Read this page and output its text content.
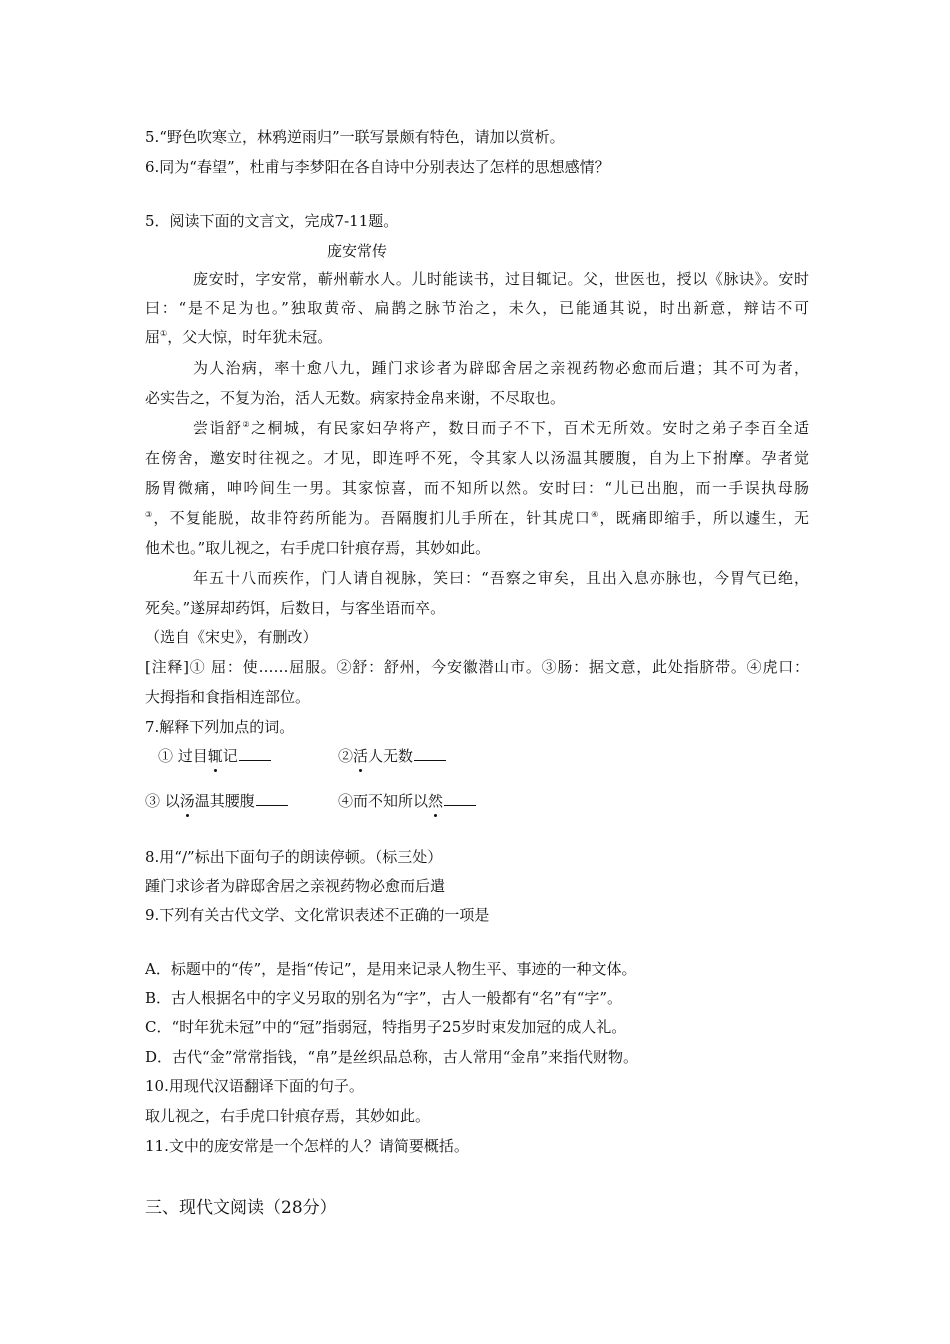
5.“野色吹寒立，林鸦逆雨归”一联写景颇有特色，请加以赏析。
6.同为“春望”，杜甫与李梦阳在各自诗中分别表达了怎样的思想感情？
5．阅读下面的文言文，完成7-11题。
庞安常传
庞安时，字安常，蕲州蕲水人。儿时能读书，过目辄记。父，世医也，授以《脉诀》。安时
曰：“是不足为也。”独取黄帝、扁鹊之脉节治之，未久，已能通其说，时出新意，辩诘不可
屈①，父大惊，时年犹未冠。
为人治病，率十愈八九，踵门求诊者为辟邸舍居之亲视药物必愈而后遣；其不可为者，
必实告之，不复为治，活人无数。病家持金帛来谢，不尽取也。
尝诣舒②之桐城，有民家妇孕将产，数日而子不下，百术无所效。安时之弟子李百全适
在傍舍，邀安时往视之。才见，即连呼不死，令其家人以汤温其腰腹，自为上下拊摩。孕者觉
肠胃微痛，呻吟间生一男。其家惊喜，而不知所以然。安时曰：“儿已出胞，而一手误执母肠
③，不复能脱，故非符药所能为。吾隔腹扪儿手所在，针其虎口④，既痛即缩手，所以遽生，无
他术也。”取儿视之，右手虎口针痕存焉，其妙如此。
年五十八而疾作，门人请自视脉，笑曰：“吾察之审矣，且出入息亦脉也，今胃气已绝，
死矣。”遂屏却药饵，后数日，与客坐语而卒。
（选自《宋史》，有删改）
[注释]① 屈：使……屈服。②舒：舒州，今安徽潜山市。③肠：据文意，此处指脐带。④虎口：
大拇指和食指相连部位。
7.解释下列加点的词。
① 过目辄记	②活人无数
③ 以汤温其腰腹	④而不知所以然
8.用“/”标出下面句子的朗读停顿。（标三处）
踵门求诊者为辟邸舍居之亲视药物必愈而后遣
9.下列有关古代文学、文化常识表述不正确的一项是
A．标题中的“传”，是指“传记”，是用来记录人物生平、事迹的一种文体。
B．古人根据名中的字义另取的别名为“字”，古人一般都有“名”有“字”。
C．“时年犹未冠”中的“冠”指弱冠，特指男子25岁时束发加冠的成人礼。
D．古代“金”常常指钱，“帛”是丝织品总称，古人常用“金帛”来指代财物。
10.用现代汉语翻译下面的句子。
取儿视之，右手虎口针痕存焉，其妙如此。
11.文中的庞安常是一个怎样的人？请简要概括。
三、现代文阅读（28分）
